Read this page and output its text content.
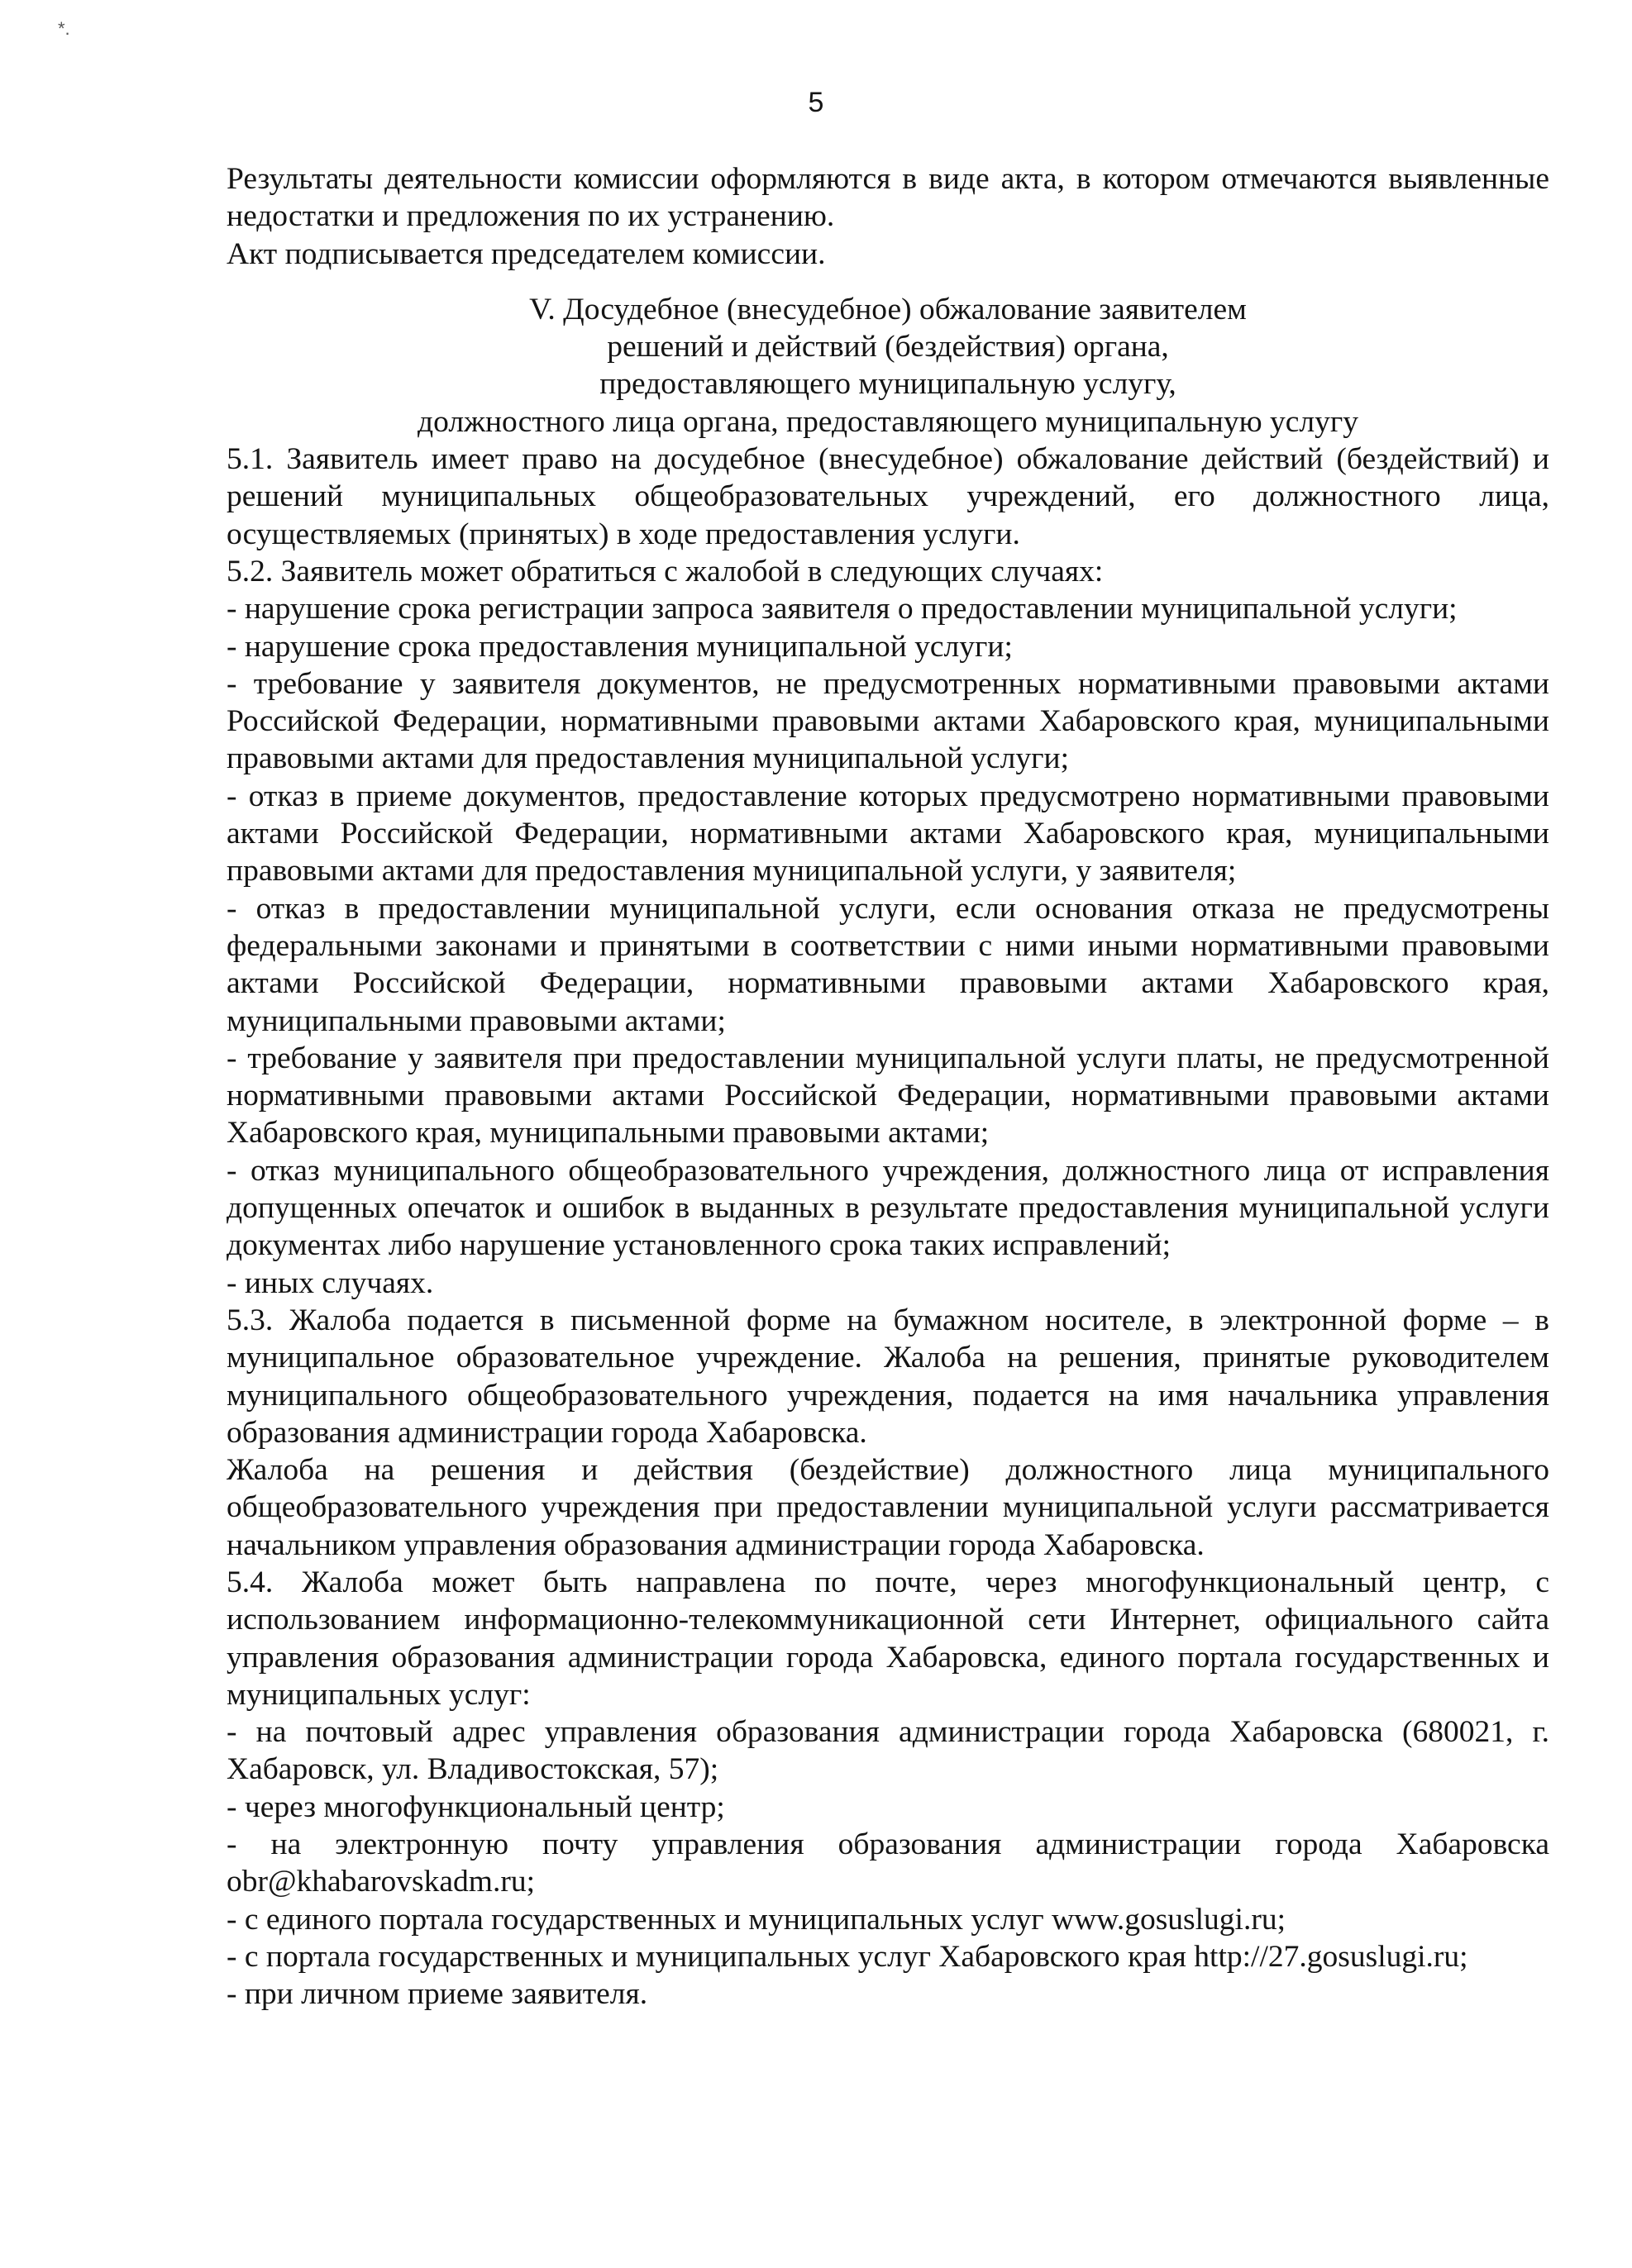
*.
5

Результаты деятельности комиссии оформляются в виде акта, в котором отмечаются выявленные недостатки и предложения по их устранению.

Акт подписывается председателем комиссии.

V. Досудебное (внесудебное) обжалование заявителем
решений и действий (бездействия) органа,
предоставляющего муниципальную услугу,
должностного лица органа, предоставляющего муниципальную услугу

5.1. Заявитель имеет право на досудебное (внесудебное) обжалование действий (бездействий) и решений муниципальных общеобразовательных учреждений, его должностного лица, осуществляемых (принятых) в ходе предоставления услуги.

5.2. Заявитель может обратиться с жалобой в следующих случаях:

- нарушение срока регистрации запроса заявителя о предоставлении муниципальной услуги;

- нарушение срока предоставления муниципальной услуги;

- требование у заявителя документов, не предусмотренных нормативными правовыми актами Российской Федерации, нормативными правовыми актами Хабаровского края, муниципальными правовыми актами для предоставления муниципальной услуги;

- отказ в приеме документов, предоставление которых предусмотрено нормативными правовыми актами Российской Федерации, нормативными актами Хабаровского края, муниципальными правовыми актами для предоставления муниципальной услуги, у заявителя;

- отказ в предоставлении муниципальной услуги, если основания отказа не предусмотрены федеральными законами и принятыми в соответствии с ними иными нормативными правовыми актами Российской Федерации, нормативными правовыми актами Хабаровского края, муниципальными правовыми актами;

- требование у заявителя при предоставлении муниципальной услуги платы, не предусмотренной нормативными правовыми актами Российской Федерации, нормативными правовыми актами Хабаровского края, муниципальными правовыми актами;

- отказ муниципального общеобразовательного учреждения, должностного лица от исправления допущенных опечаток и ошибок в выданных в результате предоставления муниципальной услуги документах либо нарушение установленного срока таких исправлений;

- иных случаях.

5.3. Жалоба подается в письменной форме на бумажном носителе, в электронной форме – в муниципальное образовательное учреждение. Жалоба на решения, принятые руководителем муниципального общеобразовательного учреждения, подается на имя начальника управления образования администрации города Хабаровска.

Жалоба на решения и действия (бездействие) должностного лица муниципального общеобразовательного учреждения при предоставлении муниципальной услуги рассматривается начальником управления образования администрации города Хабаровска.

5.4. Жалоба может быть направлена по почте, через многофункциональный центр, с использованием информационно-телекоммуникационной сети Интернет, официального сайта управления образования администрации города Хабаровска, единого портала государственных и муниципальных услуг:

- на почтовый адрес управления образования администрации города Хабаровска (680021, г. Хабаровск, ул. Владивостокская, 57);

- через многофункциональный центр;

- на электронную почту управления образования администрации города Хабаровска obr@khabarovskadm.ru;

- с единого портала государственных и муниципальных услуг www.gosuslugi.ru;

- с портала государственных и муниципальных услуг Хабаровского края http://27.gosuslugi.ru;

- при личном приеме заявителя.
